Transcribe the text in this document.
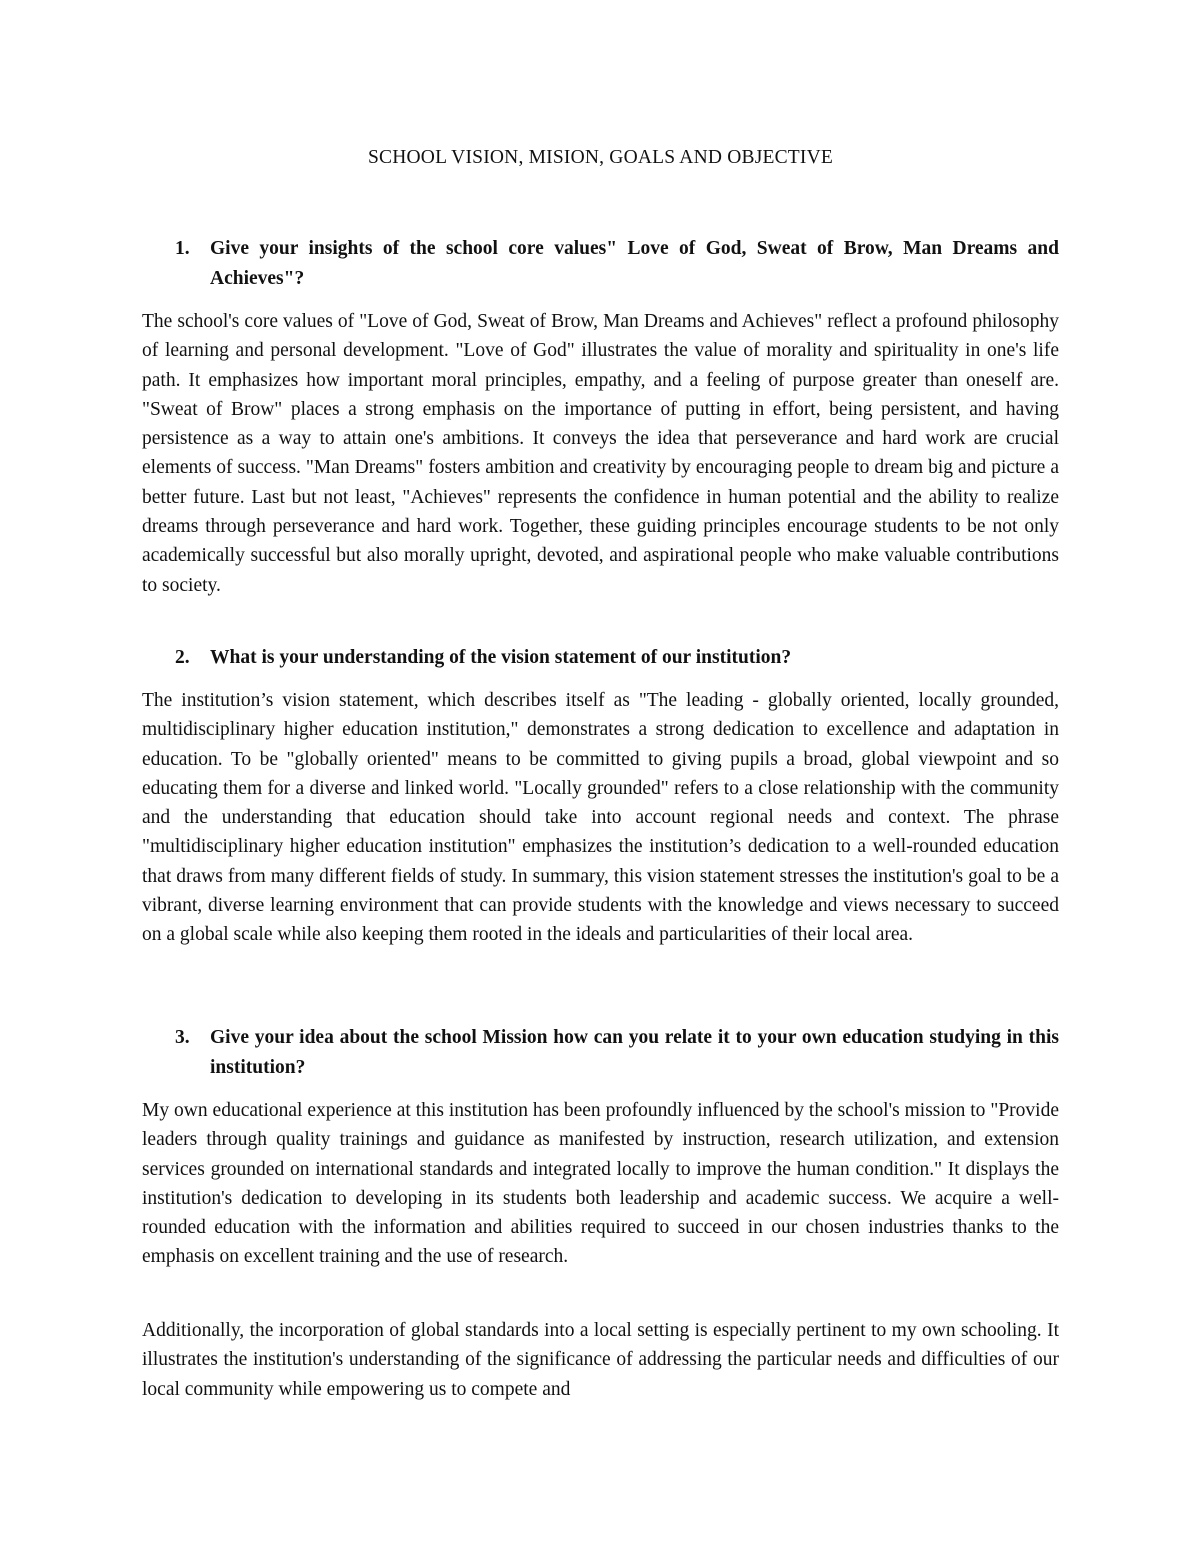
SCHOOL VISION, MISION, GOALS AND OBJECTIVE
1. Give your insights of the school core values" Love of God, Sweat of Brow, Man Dreams and Achieves"?

The school's core values of "Love of God, Sweat of Brow, Man Dreams and Achieves" reflect a profound philosophy of learning and personal development. "Love of God" illustrates the value of morality and spirituality in one's life path. It emphasizes how important moral principles, empathy, and a feeling of purpose greater than oneself are. "Sweat of Brow" places a strong emphasis on the importance of putting in effort, being persistent, and having persistence as a way to attain one's ambitions. It conveys the idea that perseverance and hard work are crucial elements of success. "Man Dreams" fosters ambition and creativity by encouraging people to dream big and picture a better future. Last but not least, "Achieves" represents the confidence in human potential and the ability to realize dreams through perseverance and hard work. Together, these guiding principles encourage students to be not only academically successful but also morally upright, devoted, and aspirational people who make valuable contributions to society.

2. What is your understanding of the vision statement of our institution?

The institution’s vision statement, which describes itself as "The leading - globally oriented, locally grounded, multidisciplinary higher education institution," demonstrates a strong dedication to excellence and adaptation in education. To be "globally oriented" means to be committed to giving pupils a broad, global viewpoint and so educating them for a diverse and linked world. "Locally grounded" refers to a close relationship with the community and the understanding that education should take into account regional needs and context. The phrase "multidisciplinary higher education institution" emphasizes the institution’s dedication to a well-rounded education that draws from many different fields of study. In summary, this vision statement stresses the institution's goal to be a vibrant, diverse learning environment that can provide students with the knowledge and views necessary to succeed on a global scale while also keeping them rooted in the ideals and particularities of their local area.

3. Give your idea about the school Mission how can you relate it to your own education studying in this institution?

My own educational experience at this institution has been profoundly influenced by the school's mission to "Provide leaders through quality trainings and guidance as manifested by instruction, research utilization, and extension services grounded on international standards and integrated locally to improve the human condition." It displays the institution's dedication to developing in its students both leadership and academic success. We acquire a well-rounded education with the information and abilities required to succeed in our chosen industries thanks to the emphasis on excellent training and the use of research.

Additionally, the incorporation of global standards into a local setting is especially pertinent to my own schooling. It illustrates the institution's understanding of the significance of addressing the particular needs and difficulties of our local community while empowering us to compete and
